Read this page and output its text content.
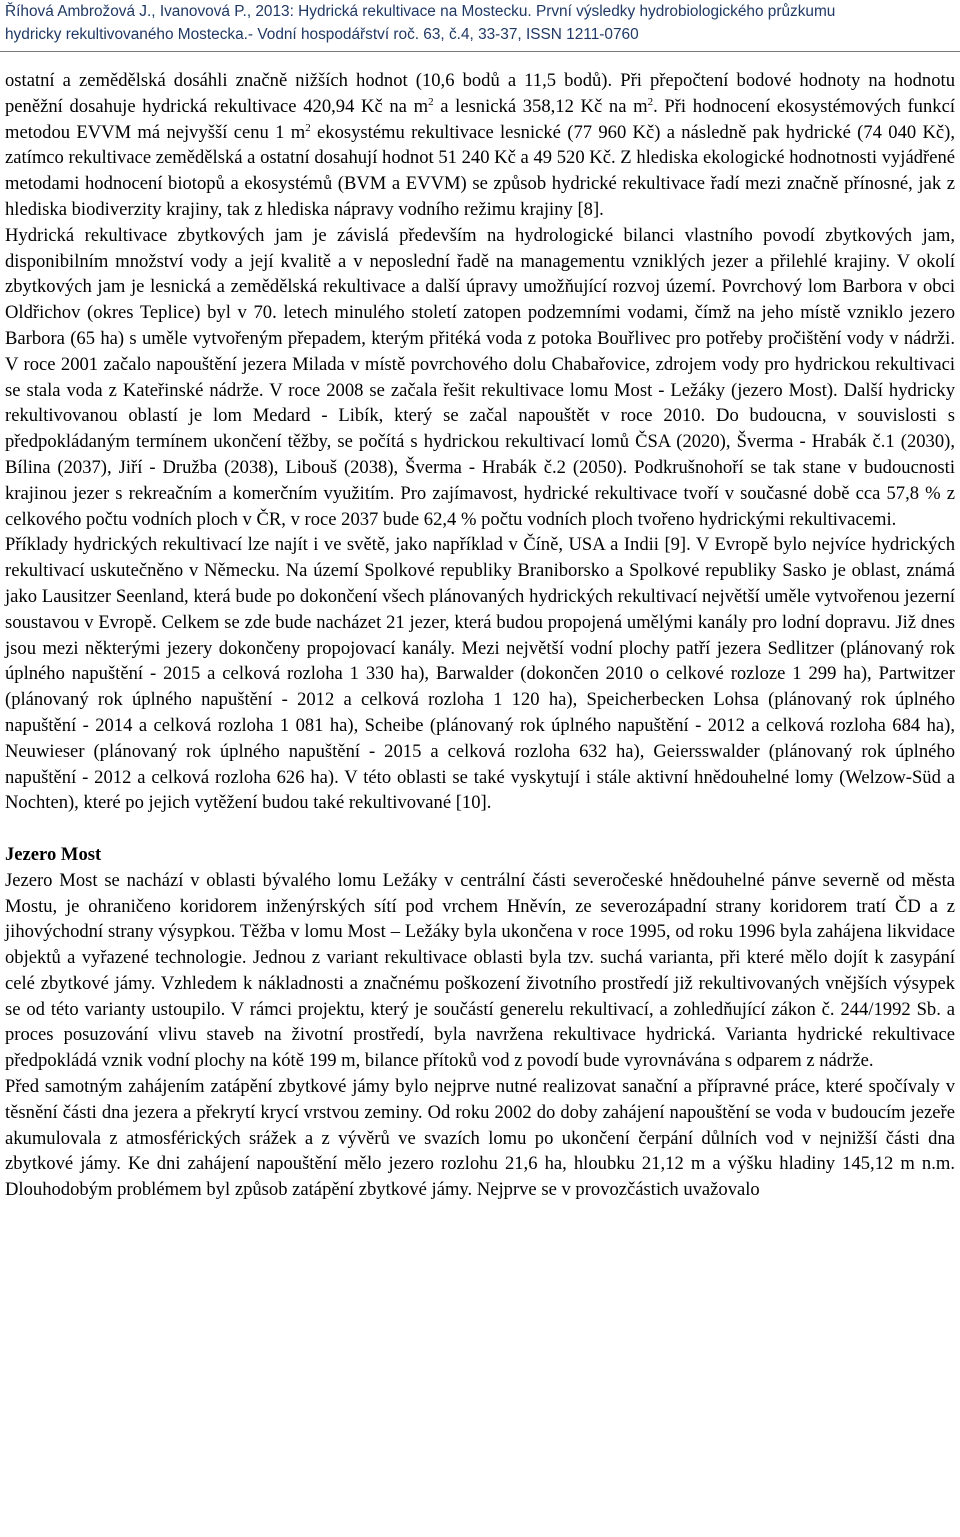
Říhová Ambrožová J., Ivanovová P., 2013: Hydrická rekultivace na Mostecku. První výsledky hydrobiologického průzkumu
hydricky rekultivovaného Mostecka.- Vodní hospodářství roč. 63, č.4, 33-37, ISSN 1211-0760

ostatní a zemědělská dosáhli značně nižších hodnot (10,6 bodů a 11,5 bodů). Při přepočtení bodové hodnoty na hodnotu peněžní dosahuje hydrická rekultivace 420,94 Kč na $m^2$ a lesnická 358,12 Kč na $m^2$. Při hodnocení ekosystémových funkcí metodou EVVM má nejvyšší cenu 1 $m^2$ ekosystému rekultivace lesnické (77 960 Kč) a následně pak hydrické (74 040 Kč), zatímco rekultivace zemědělská a ostatní dosahují hodnot 51 240 Kč a 49 520 Kč. Z hlediska ekologické hodnotnosti vyjádřené metodami hodnocení biotopů a ekosystémů (BVM a EVVM) se způsob hydrické rekultivace řadí mezi značně přínosné, jak z hlediska biodiverzity krajiny, tak z hlediska nápravy vodního režimu krajiny [8].

Hydrická rekultivace zbytkových jam je závislá především na hydrologické bilanci vlastního povodí zbytkových jam, disponibilním množství vody a její kvalitě a v neposlední řadě na managementu vzniklých jezer a přilehlé krajiny. V okolí zbytkových jam je lesnická a zemědělská rekultivace a další úpravy umožňující rozvoj území. Povrchový lom Barbora v obci Oldřichov (okres Teplice) byl v 70. letech minulého století zatopen podzemními vodami, čímž na jeho místě vzniklo jezero Barbora (65 ha) s uměle vytvořeným přepadem, kterým přitéká voda z potoka Bouřlivec pro potřeby pročištění vody v nádrži. V roce 2001 začalo napouštění jezera Milada v místě povrchového dolu Chabařovice, zdrojem vody pro hydrickou rekultivaci se stala voda z Kateřinské nádrže. V roce 2008 se začala řešit rekultivace lomu Most - Ležáky (jezero Most). Další hydricky rekultivovanou oblastí je lom Medard - Libík, který se začal napouštět v roce 2010. Do budoucna, v souvislosti s předpokládaným termínem ukončení těžby, se počítá s hydrickou rekultivací lomů ČSA (2020), Šverma - Hrabák č.1 (2030), Bílina (2037), Jiří - Družba (2038), Libouš (2038), Šverma - Hrabák č.2 (2050). Podkrušnohoří se tak stane v budoucnosti krajinou jezer s rekreačním a komerčním využitím. Pro zajímavost, hydrické rekultivace tvoří v současné době cca 57,8 % z celkového počtu vodních ploch v ČR, v roce 2037 bude 62,4 % počtu vodních ploch tvořeno hydrickými rekultivacemi.

Příklady hydrických rekultivací lze najít i ve světě, jako například v Číně, USA a Indii [9]. V Evropě bylo nejvíce hydrických rekultivací uskutečněno v Německu. Na území Spolkové republiky Braniborsko a Spolkové republiky Sasko je oblast, známá jako Lausitzer Seenland, která bude po dokončení všech plánovaných hydrických rekultivací největší uměle vytvořenou jezerní soustavou v Evropě. Celkem se zde bude nacházet 21 jezer, která budou propojená umělými kanály pro lodní dopravu. Již dnes jsou mezi některými jezery dokončeny propojovací kanály. Mezi největší vodní plochy patří jezera Sedlitzer (plánovaný rok úplného napuštění - 2015 a celková rozloha 1 330 ha), Barwalder (dokončen 2010 o celkové rozloze 1 299 ha), Partwitzer (plánovaný rok úplného napuštění - 2012 a celková rozloha 1 120 ha), Speicherbecken Lohsa (plánovaný rok úplného napuštění - 2014 a celková rozloha 1 081 ha), Scheibe (plánovaný rok úplného napuštění - 2012 a celková rozloha 684 ha), Neuwieser (plánovaný rok úplného napuštění - 2015 a celková rozloha 632 ha), Geiersswalder (plánovaný rok úplného napuštění - 2012 a celková rozloha 626 ha). V této oblasti se také vyskytují i stále aktivní hnědouhelné lomy (Welzow-Süd a Nochten), které po jejich vytěžení budou také rekultivované [10].

Jezero Most

Jezero Most se nachází v oblasti bývalého lomu Ležáky v centrální části severočeské hnědouhelné pánve severně od města Mostu, je ohraničeno koridorem inženýrských sítí pod vrchem Hněvín, ze severozápadní strany koridorem tratí ČD a z jihovýchodní strany výsypkou. Těžba v lomu Most – Ležáky byla ukončena v roce 1995, od roku 1996 byla zahájena likvidace objektů a vyřazené technologie. Jednou z variant rekultivace oblasti byla tzv. suchá varianta, při které mělo dojít k zasypání celé zbytkové jámy. Vzhledem k nákladnosti a značnému poškození životního prostředí již rekultivovaných vnějších výsypek se od této varianty ustoupilo. V rámci projektu, který je součástí generelu rekultivací, a zohledňující zákon č. 244/1992 Sb. a proces posuzování vlivu staveb na životní prostředí, byla navržena rekultivace hydrická. Varianta hydrické rekultivace předpokládá vznik vodní plochy na kótě 199 m, bilance přítoků vod z povodí bude vyrovnávána s odparem z nádrže.

Před samotným zahájením zatápění zbytkové jámy bylo nejprve nutné realizovat sanační a přípravné práce, které spočívaly v těsnění části dna jezera a překrytí krycí vrstvou zeminy. Od roku 2002 do doby zahájení napouštění se voda v budoucím jezeře akumulovala z atmosférických srážek a z vývěrů ve svazích lomu po ukončení čerpání důlních vod v nejnižší části dna zbytkové jámy. Ke dni zahájení napouštění mělo jezero rozlohu 21,6 ha, hloubku 21,12 m a výšku hladiny 145,12 m n.m. Dlouhodobým problémem byl způsob zatápění zbytkové jámy. Nejprve se v provozčástich uvažovalo
